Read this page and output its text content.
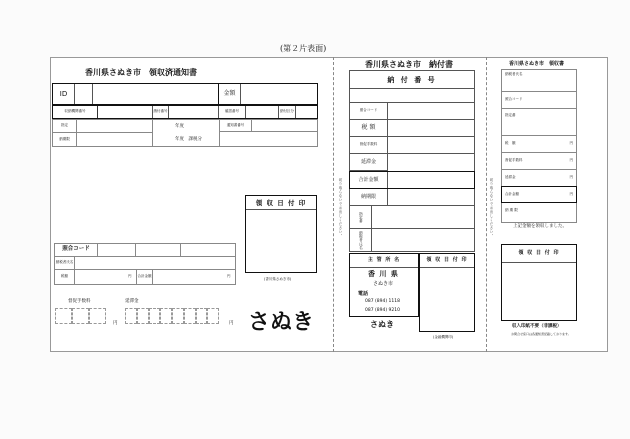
(第２片表面)
香川県さぬき市　領収済通知書
ID	金額
収納機関番号	納付番号	確認番号	納付区分
指定
納期限
年度
年度　課税分
通知書番号
照合コード
納税者氏名
税額	円 合計金額	円
領 収 日 付 印
(香川県さぬき市)
督促手数料
円
延滞金
円 さぬき
香川県さぬき市　納付書
納 付 番 号
照合コード
税 額
督促手数料
延滞金
合計金額
納期限
指定番
納税者 氏名
主 管 所 名
香 川 県
さぬき市
電話
087 (894) 1118
087 (894) 9210
さぬき
領 収 日 付 印
(金融機関印)
切り取らないでお出しください。
香川県さぬき市　領収書
納税者氏名
照合コード
指定番
税　額	円
督促手数料	円
延滞金	円
合計金額	円
納 期 限
上記金額を領収しました。
領 収 日 付 印
収入印紙不要（非課税）
お問合せ窓口は各通知書記載しております。
切り取らないでお出しください。
